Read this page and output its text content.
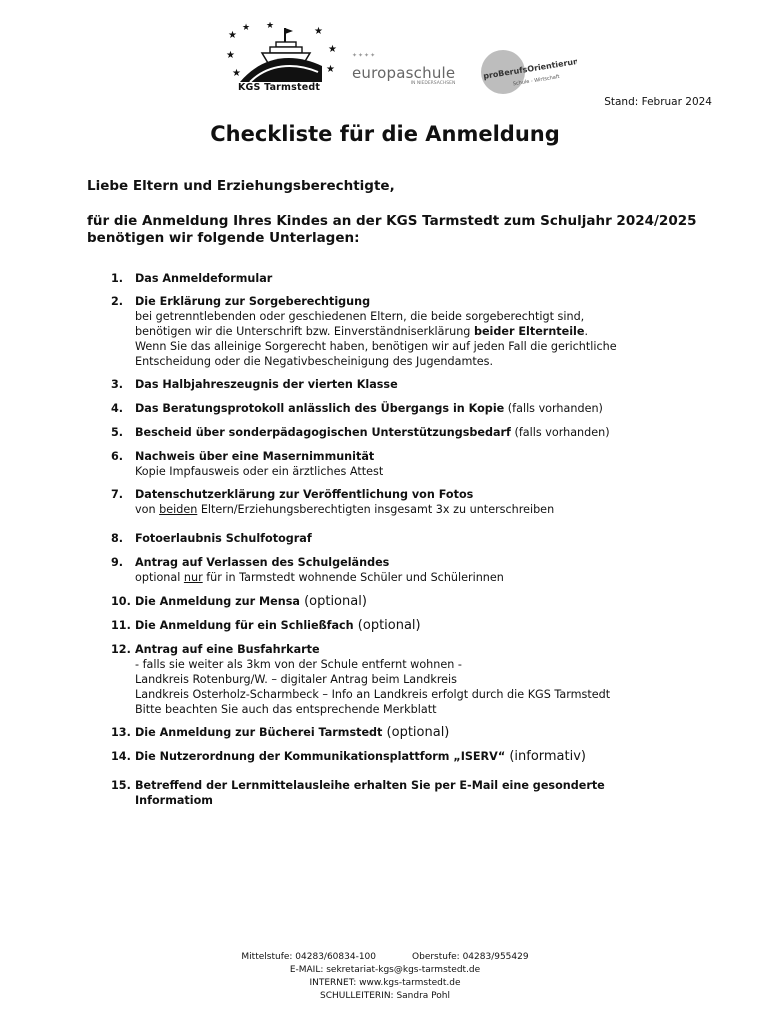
★
★
★
★ ★	★
★
★
KGS Tarmstedt
✦✦✦✦
europaschule
IN NIEDERSACHSEN
proBerufsOrientierung!
Schule - Wirtschaft
Stand: Februar 2024
Checkliste für die Anmeldung

Liebe Eltern und Erziehungsberechtigte,

für die Anmeldung Ihres Kindes an der KGS Tarmstedt zum Schuljahr 2024/2025 benötigen wir folgende Unterlagen:

1. Das Anmeldeformular
2. Die Erklärung zur Sorgeberechtigung
bei getrenntlebenden oder geschiedenen Eltern, die beide sorgeberechtigt sind,
benötigen wir die Unterschrift bzw. Einverständniserklärung beider Elternteile.
Wenn Sie das alleinige Sorgerecht haben, benötigen wir auf jeden Fall die gerichtliche
Entscheidung oder die Negativbescheinigung des Jugendamtes.
3. Das Halbjahreszeugnis der vierten Klasse
4. Das Beratungsprotokoll anlässlich des Übergangs in Kopie (falls vorhanden)
5. Bescheid über sonderpädagogischen Unterstützungsbedarf (falls vorhanden)
6. Nachweis über eine Masernimmunität
Kopie Impfausweis oder ein ärztliches Attest
7. Datenschutzerklärung zur Veröffentlichung von Fotos
von beiden Eltern/Erziehungsberechtigten insgesamt 3x zu unterschreiben
8. Fotoerlaubnis Schulfotograf
9. Antrag auf Verlassen des Schulgeländes
optional nur für in Tarmstedt wohnende Schüler und Schülerinnen
10. Die Anmeldung zur Mensa (optional)
11. Die Anmeldung für ein Schließfach (optional)
12. Antrag auf eine Busfahrkarte
- falls sie weiter als 3km von der Schule entfernt wohnen -
Landkreis Rotenburg/W. – digitaler Antrag beim Landkreis
Landkreis Osterholz-Scharmbeck – Info an Landkreis erfolgt durch die KGS Tarmstedt
Bitte beachten Sie auch das entsprechende Merkblatt
13. Die Anmeldung zur Bücherei Tarmstedt (optional)
14. Die Nutzerordnung der Kommunikationsplattform „ISERV“ (informativ)
15. Betreffend der Lernmittelausleihe erhalten Sie per E-Mail eine gesonderte
Informatiom
Mittelstufe: 04283/60834-100	Oberstufe: 04283/955429
E-MAIL: sekretariat-kgs@kgs-tarmstedt.de
INTERNET: www.kgs-tarmstedt.de
SCHULLEITERIN: Sandra Pohl
